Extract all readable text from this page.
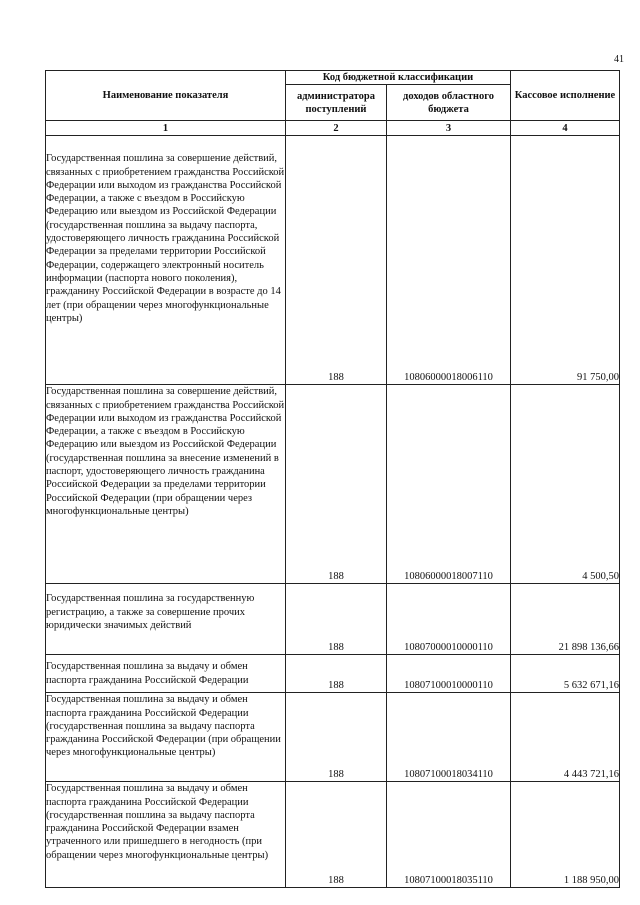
41
Наименование показателя	Код бюджетной классификации		Кассовое исполнение
	администратора поступлений	доходов областного бюджета	
1	2	3	4
Государственная пошлина за совершение действий, связанных с приобретением гражданства Российской Федерации или выходом из гражданства Российской Федерации, а также с въездом в Российскую Федерацию или выездом из Российской Федерации (государственная пошлина за выдачу паспорта, удостоверяющего личность гражданина Российской Федерации за пределами территории Российской Федерации, содержащего электронный носитель информации (паспорта нового поколения), гражданину Российской Федерации в возрасте до 14 лет (при обращении через многофункциональные центры)	188	10806000018006110	91 750,00
Государственная пошлина за совершение действий, связанных с приобретением гражданства Российской Федерации или выходом из гражданства Российской Федерации, а также с въездом в Российскую Федерацию или выездом из Российской Федерации (государственная пошлина за внесение изменений в паспорт, удостоверяющего личность гражданина Российской Федерации за пределами территории Российской Федерации (при обращении через многофункциональные центры)	188	10806000018007110	4 500,50
Государственная пошлина за государственную регистрацию, а также за совершение прочих юридически значимых действий	188	10807000010000110	21 898 136,66
Государственная пошлина за выдачу и обмен паспорта гражданина Российской Федерации	188	10807100010000110	5 632 671,16
Государственная пошлина за выдачу и обмен паспорта гражданина Российской Федерации (государственная пошлина за выдачу паспорта гражданина Российской Федерации (при обращении через многофункциональные центры)	188	10807100018034110	4 443 721,16
Государственная пошлина за выдачу и обмен паспорта гражданина Российской Федерации (государственная пошлина за выдачу паспорта гражданина Российской Федерации взамен утраченного или пришедшего в негодность (при обращении через многофункциональные центры)	188	10807100018035110	1 188 950,00
